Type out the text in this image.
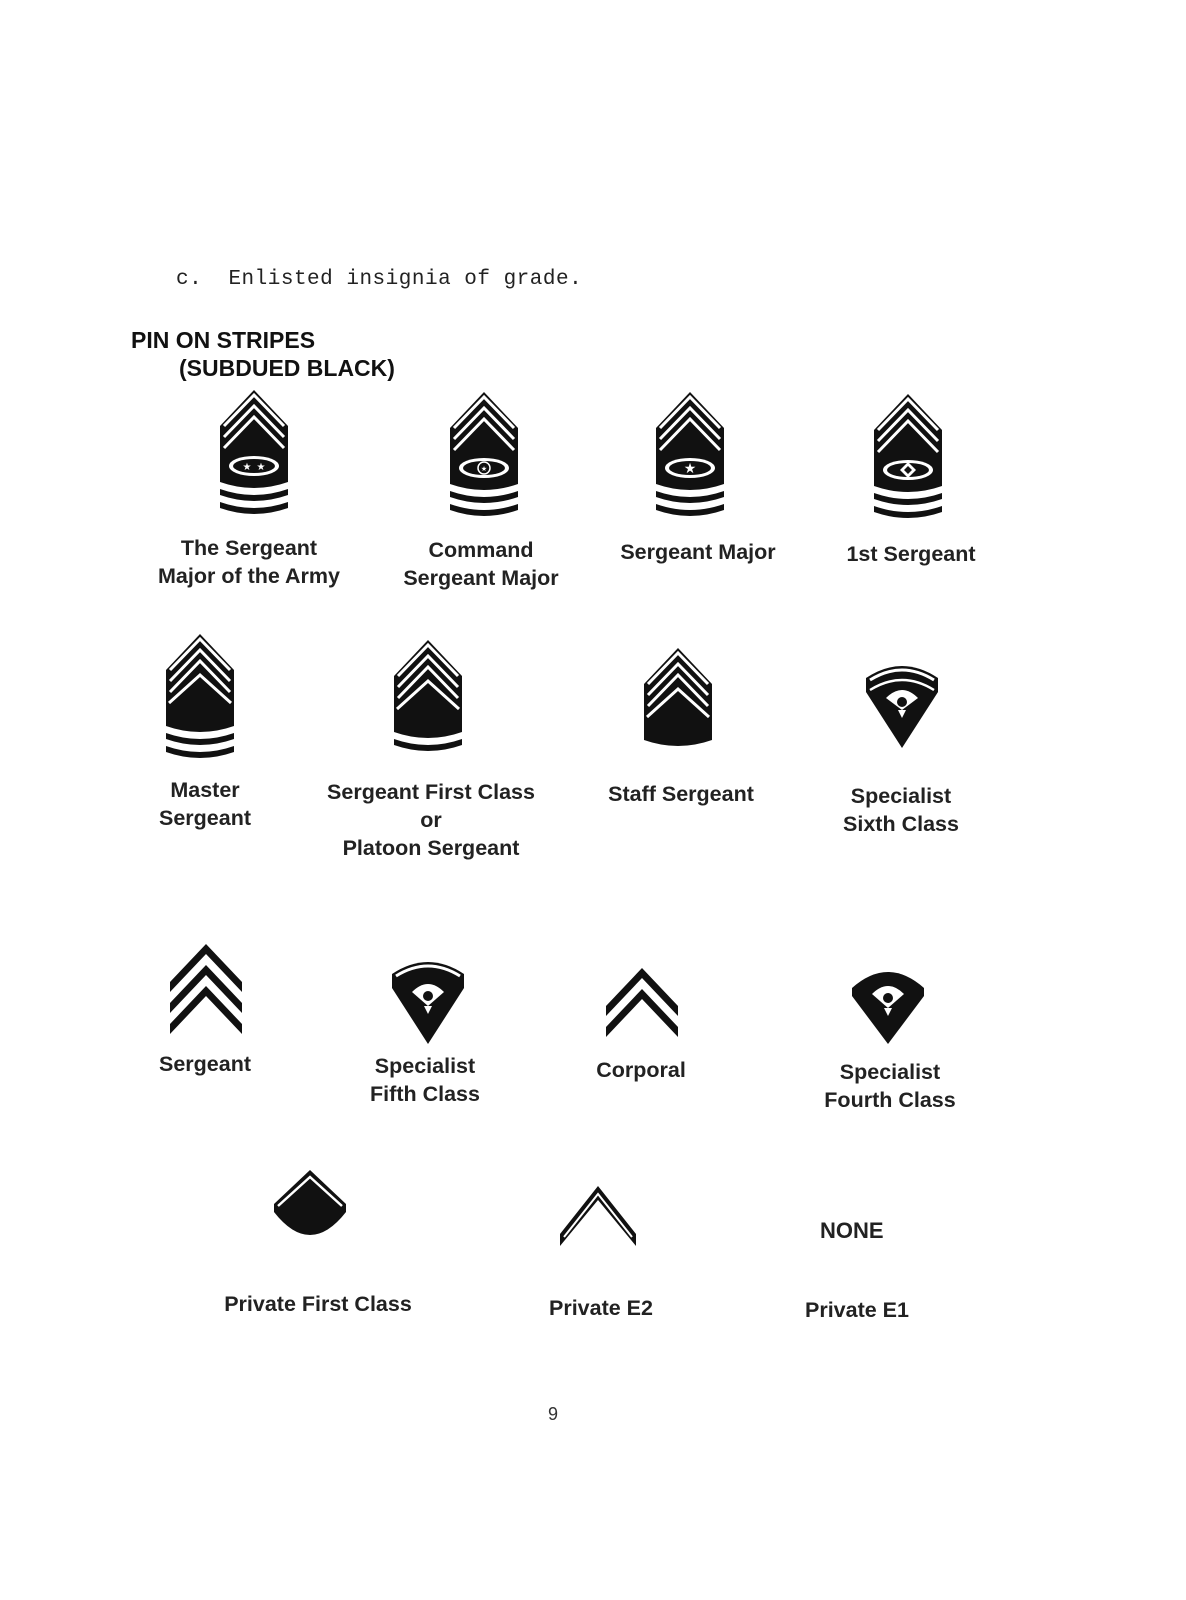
c. Enlisted insignia of grade.
PIN ON STRIPES
(SUBDUED BLACK)
★ ★
The Sergeant
Major of the Army
★
Command
Sergeant Major
★
Sergeant Major	1st Sergeant
Master
Sergeant
Sergeant First Class
or
Platoon Sergeant
Staff Sergeant	Specialist
Sixth Class
Sergeant	Specialist
Fifth Class
Corporal	Specialist
Fourth Class
Private First Class	Private E2
NONE
Private E1
9
